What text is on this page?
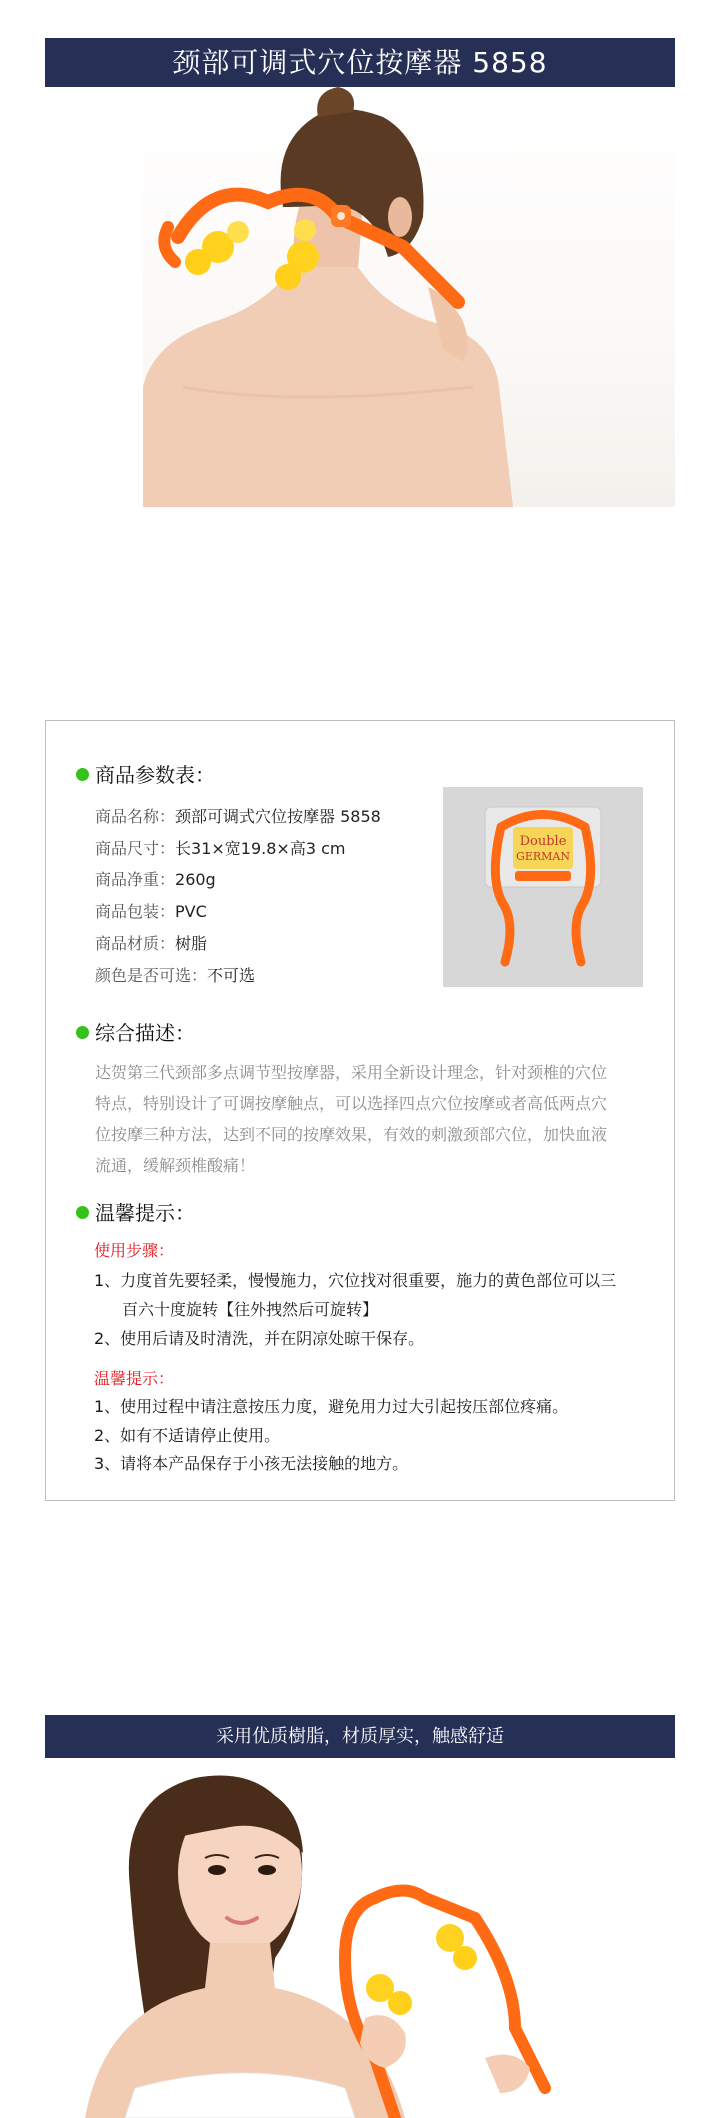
颈部可调式穴位按摩器 5858
商品参数表：
商品名称：颈部可调式穴位按摩器 5858
商品尺寸：长31×宽19.8×高3 cm
商品净重：260g
商品包装：PVC
商品材质：树脂
颜色是否可选：不可选
Double
GERMAN
综合描述：
达贺第三代颈部多点调节型按摩器，采用全新设计理念，针对颈椎的穴位
特点，特别设计了可调按摩触点，可以选择四点穴位按摩或者高低两点穴
位按摩三种方法，达到不同的按摩效果，有效的刺激颈部穴位，加快血液
流通，缓解颈椎酸痛！
温馨提示：
使用步骤：
1、力度首先要轻柔，慢慢施力，穴位找对很重要，施力的黄色部位可以三
百六十度旋转【往外拽然后可旋转】
2、使用后请及时清洗，并在阴凉处晾干保存。
温馨提示：
1、使用过程中请注意按压力度，避免用力过大引起按压部位疼痛。
2、如有不适请停止使用。
3、请将本产品保存于小孩无法接触的地方。
采用优质樹脂，材质厚实，触感舒适
